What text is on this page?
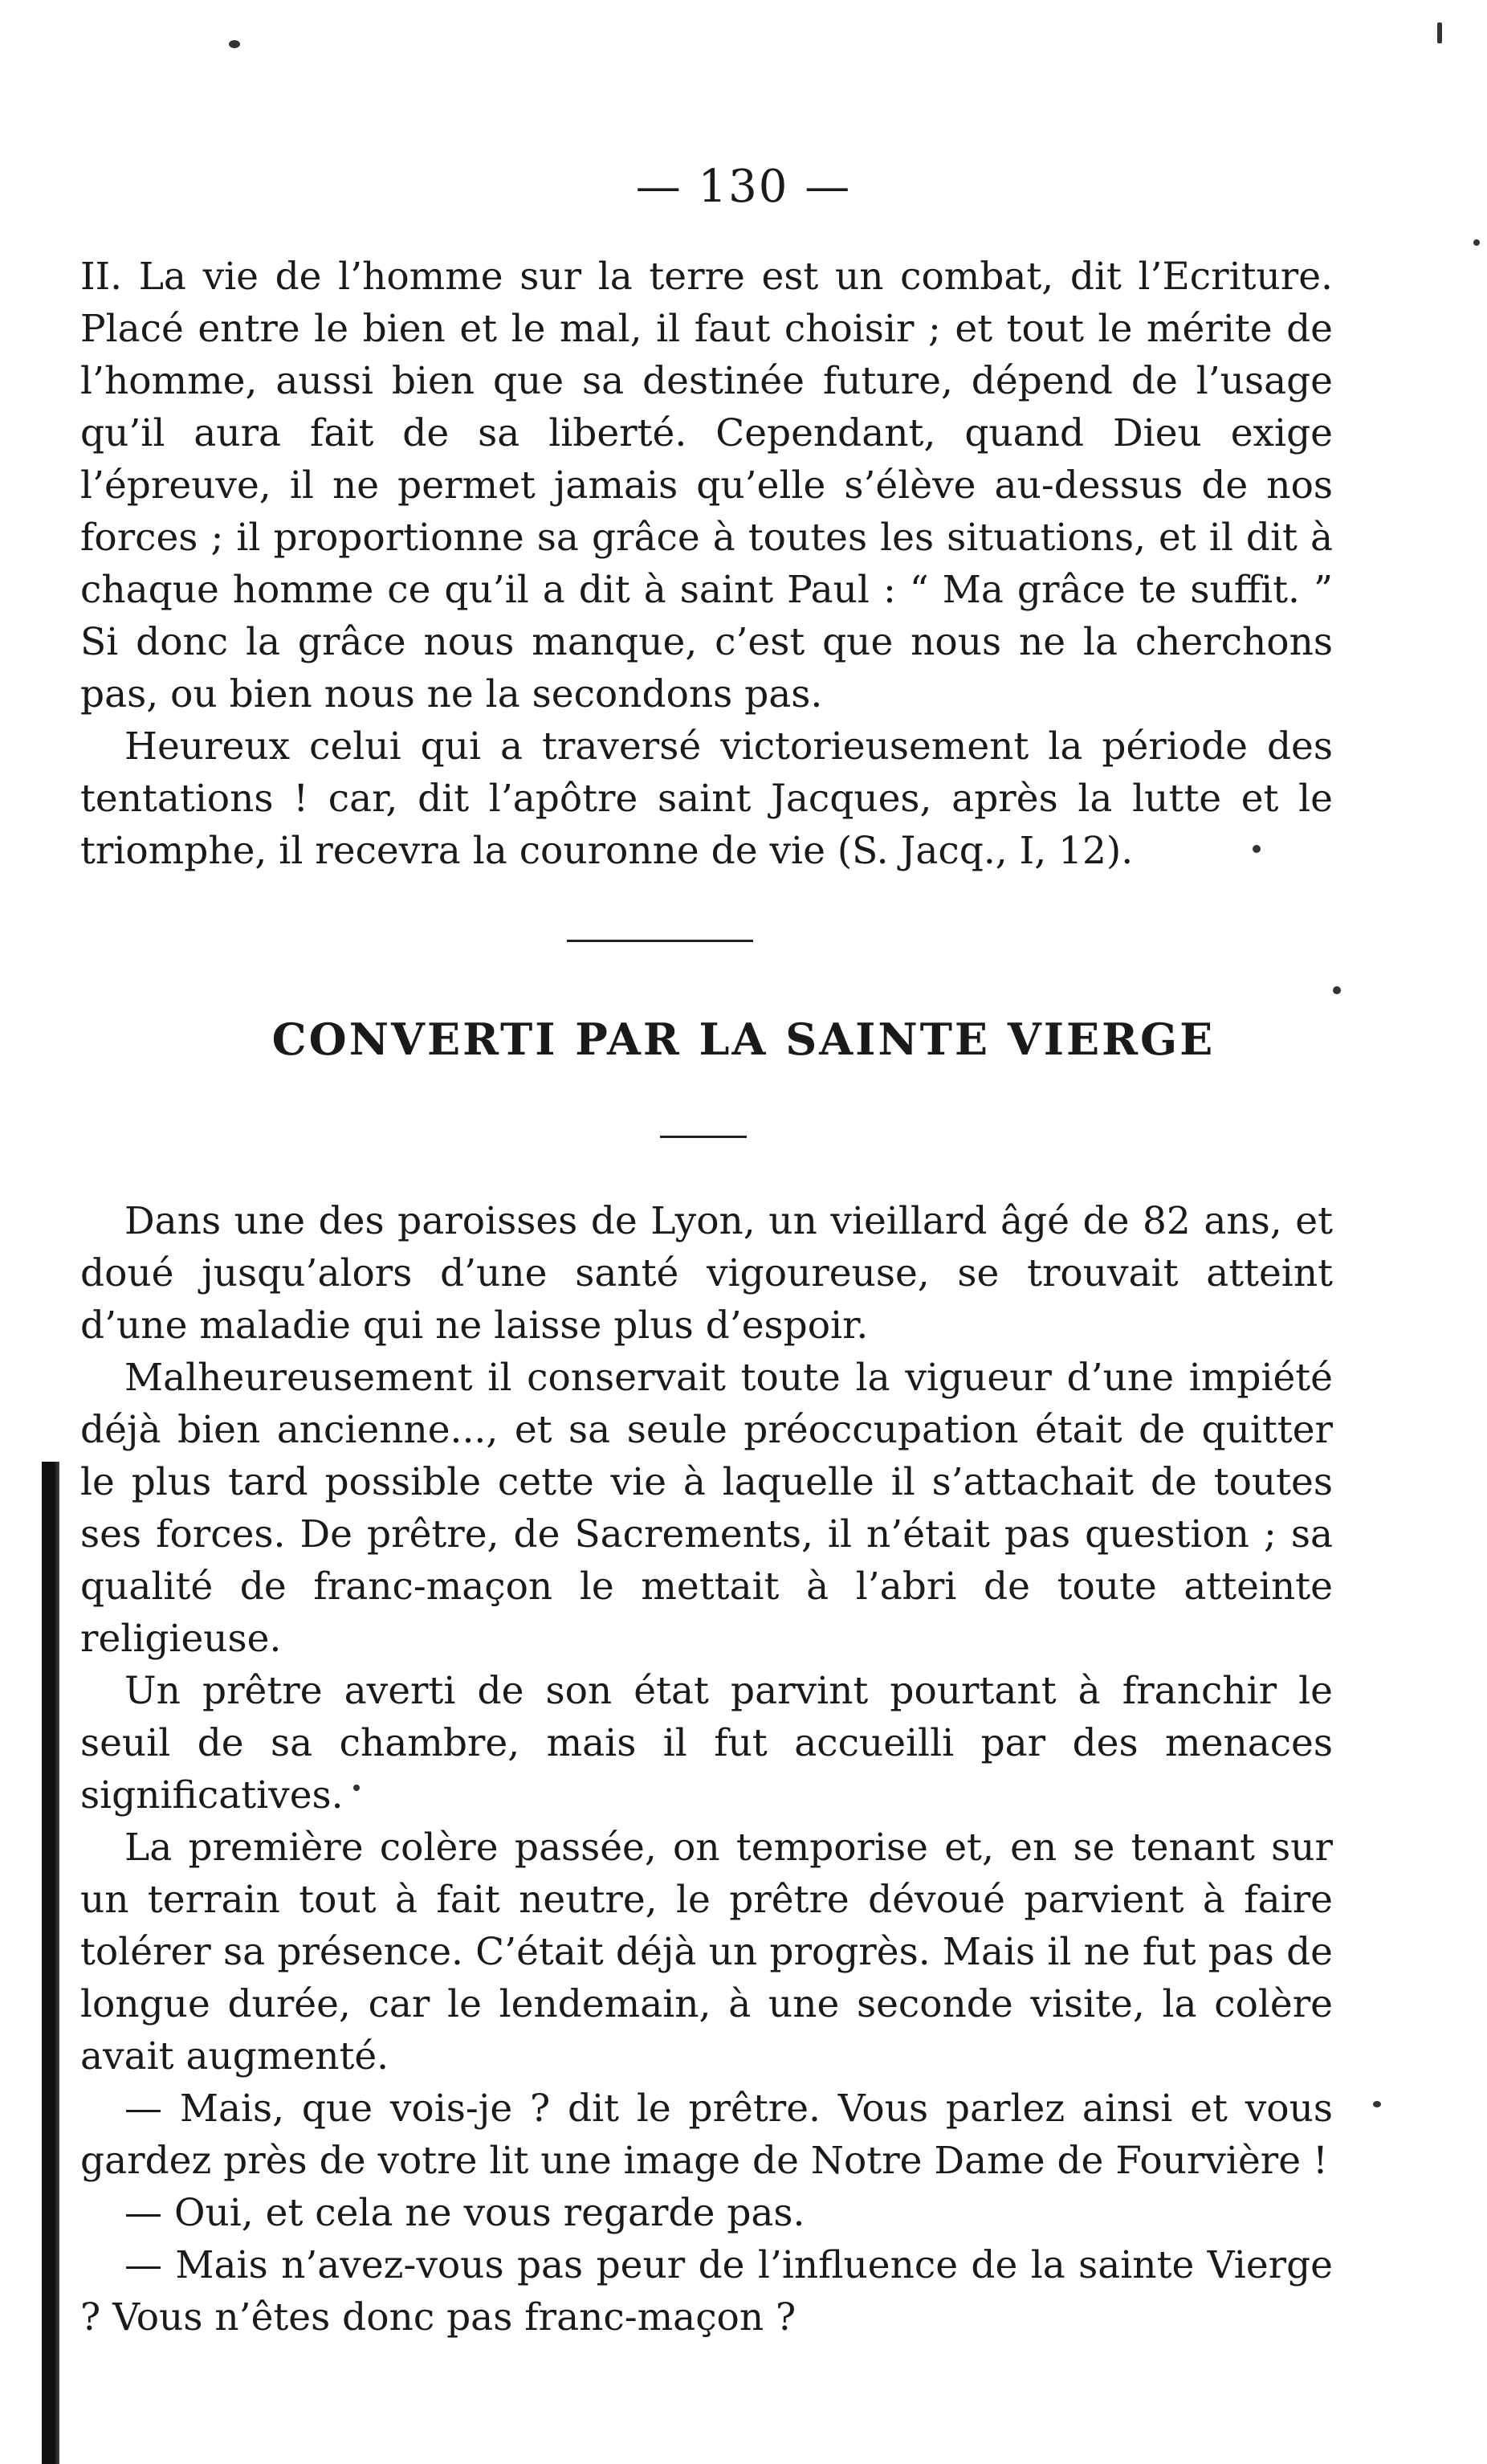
— 130 —

II. La vie de l’homme sur la terre est un combat, dit l’Ecriture. Placé entre le bien et le mal, il faut choisir ; et tout le mérite de l’homme, aussi bien que sa destinée future, dépend de l’usage qu’il aura fait de sa liberté. Cependant, quand Dieu exige l’épreuve, il ne permet jamais qu’elle s’élève au-dessus de nos forces ; il proportionne sa grâce à toutes les situations, et il dit à chaque homme ce qu’il a dit à saint Paul : “ Ma grâce te suffit. ” Si donc la grâce nous manque, c’est que nous ne la cherchons pas, ou bien nous ne la secondons pas.

Heureux celui qui a traversé victorieusement la période des tentations ! car, dit l’apôtre saint Jacques, après la lutte et le triomphe, il recevra la couronne de vie (S. Jacq., I, 12).

CONVERTI PAR LA SAINTE VIERGE

Dans une des paroisses de Lyon, un vieillard âgé de 82 ans, et doué jusqu’alors d’une santé vigoureuse, se trouvait atteint d’une maladie qui ne laisse plus d’espoir.

Malheureusement il conservait toute la vigueur d’une impiété déjà bien ancienne..., et sa seule préoccupation était de quitter le plus tard possible cette vie à laquelle il s’attachait de toutes ses forces. De prêtre, de Sacrements, il n’était pas question ; sa qualité de franc-maçon le mettait à l’abri de toute atteinte religieuse.

Un prêtre averti de son état parvint pourtant à franchir le seuil de sa chambre, mais il fut accueilli par des menaces significatives.

La première colère passée, on temporise et, en se tenant sur un terrain tout à fait neutre, le prêtre dévoué parvient à faire tolérer sa présence. C’était déjà un progrès. Mais il ne fut pas de longue durée, car le lendemain, à une seconde visite, la colère avait augmenté.

— Mais, que vois-je ? dit le prêtre. Vous parlez ainsi et vous gardez près de votre lit une image de Notre Dame de Fourvière !

— Oui, et cela ne vous regarde pas.

— Mais n’avez-vous pas peur de l’influence de la sainte Vierge ? Vous n’êtes donc pas franc-maçon ?
